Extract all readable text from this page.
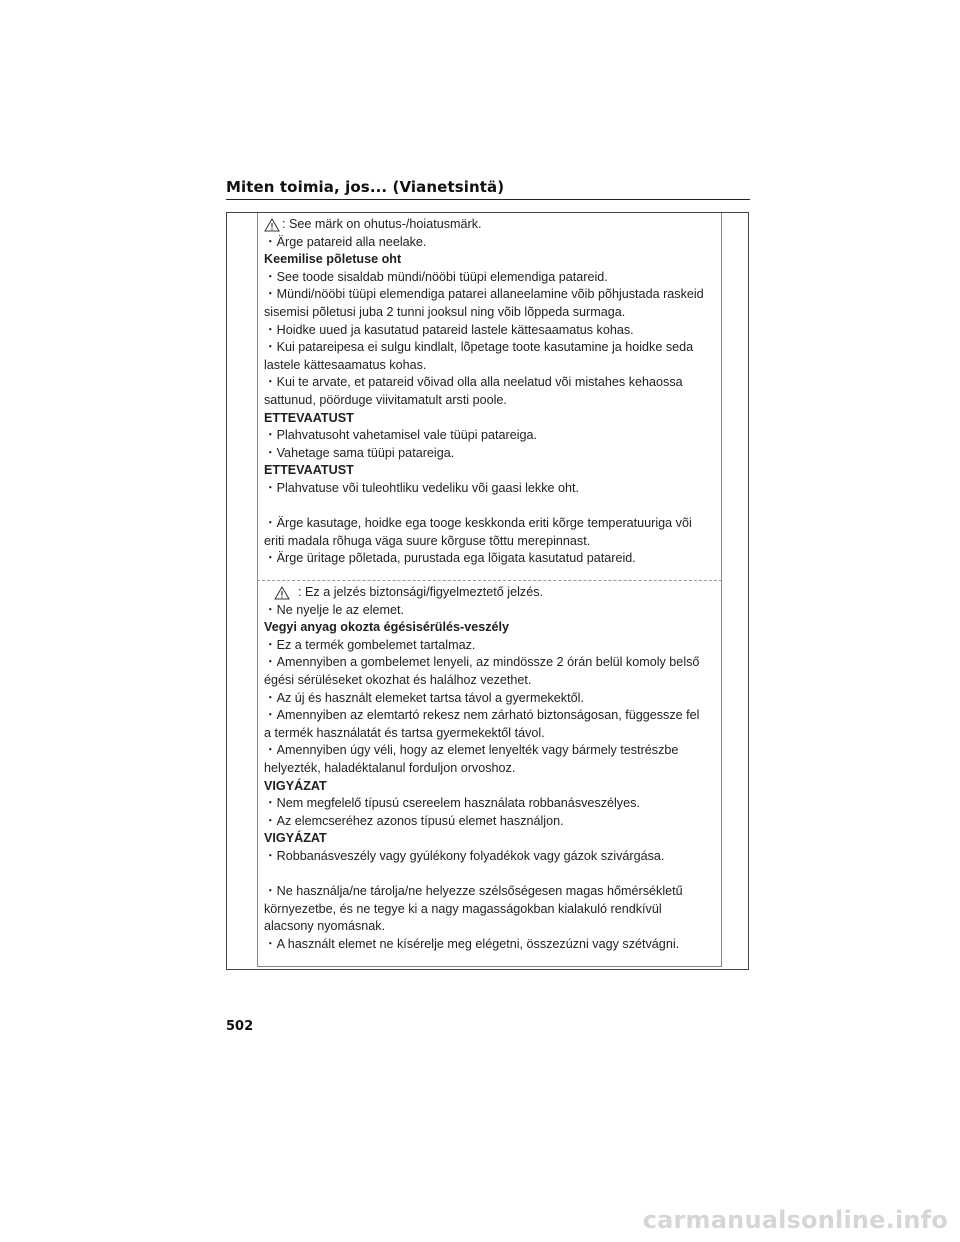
Miten toimia, jos... (Vianetsintä)
: See märk on ohutus-/hoiatusmärk.
・Ärge patareid alla neelake.
Keemilise põletuse oht
・See toode sisaldab mündi/nööbi tüüpi elemendiga patareid.
・Mündi/nööbi tüüpi elemendiga patarei allaneelamine võib põhjustada raskeid
sisemisi põletusi juba 2 tunni jooksul ning võib lõppeda surmaga.
・Hoidke uued ja kasutatud patareid lastele kättesaamatus kohas.
・Kui patareipesa ei sulgu kindlalt, lõpetage toote kasutamine ja hoidke seda
lastele kättesaamatus kohas.
・Kui te arvate, et patareid võivad olla alla neelatud või mistahes kehaossa
sattunud, pöörduge viivitamatult arsti poole.
ETTEVAATUST
・Plahvatusoht vahetamisel vale tüüpi patareiga.
・Vahetage sama tüüpi patareiga.
ETTEVAATUST
・Plahvatuse või tuleohtliku vedeliku või gaasi lekke oht.
・Ärge kasutage, hoidke ega tooge keskkonda eriti kõrge temperatuuriga või
eriti madala rõhuga väga suure kõrguse tõttu merepinnast.
・Ärge üritage põletada, purustada ega lõigata kasutatud patareid.
: Ez a jelzés biztonsági/figyelmeztető jelzés.
・Ne nyelje le az elemet.
Vegyi anyag okozta égésisérülés-veszély
・Ez a termék gombelemet tartalmaz.
・Amennyiben a gombelemet lenyeli, az mindössze 2 órán belül komoly belső
égési sérüléseket okozhat és halálhoz vezethet.
・Az új és használt elemeket tartsa távol a gyermekektől.
・Amennyiben az elemtartó rekesz nem zárható biztonságosan, függessze fel
a termék használatát és tartsa gyermekektől távol.
・Amennyiben úgy véli, hogy az elemet lenyelték vagy bármely testrészbe
helyezték, haladéktalanul forduljon orvoshoz.
VIGYÁZAT
・Nem megfelelő típusú csereelem használata robbanásveszélyes.
・Az elemcseréhez azonos típusú elemet használjon.
VIGYÁZAT
・Robbanásveszély vagy gyúlékony folyadékok vagy gázok szivárgása.
・Ne használja/ne tárolja/ne helyezze szélsőségesen magas hőmérsékletű
környezetbe, és ne tegye ki a nagy magasságokban kialakuló rendkívül
alacsony nyomásnak.
・A használt elemet ne kísérelje meg elégetni, összezúzni vagy szétvágni.
502
carmanualsonline.info
